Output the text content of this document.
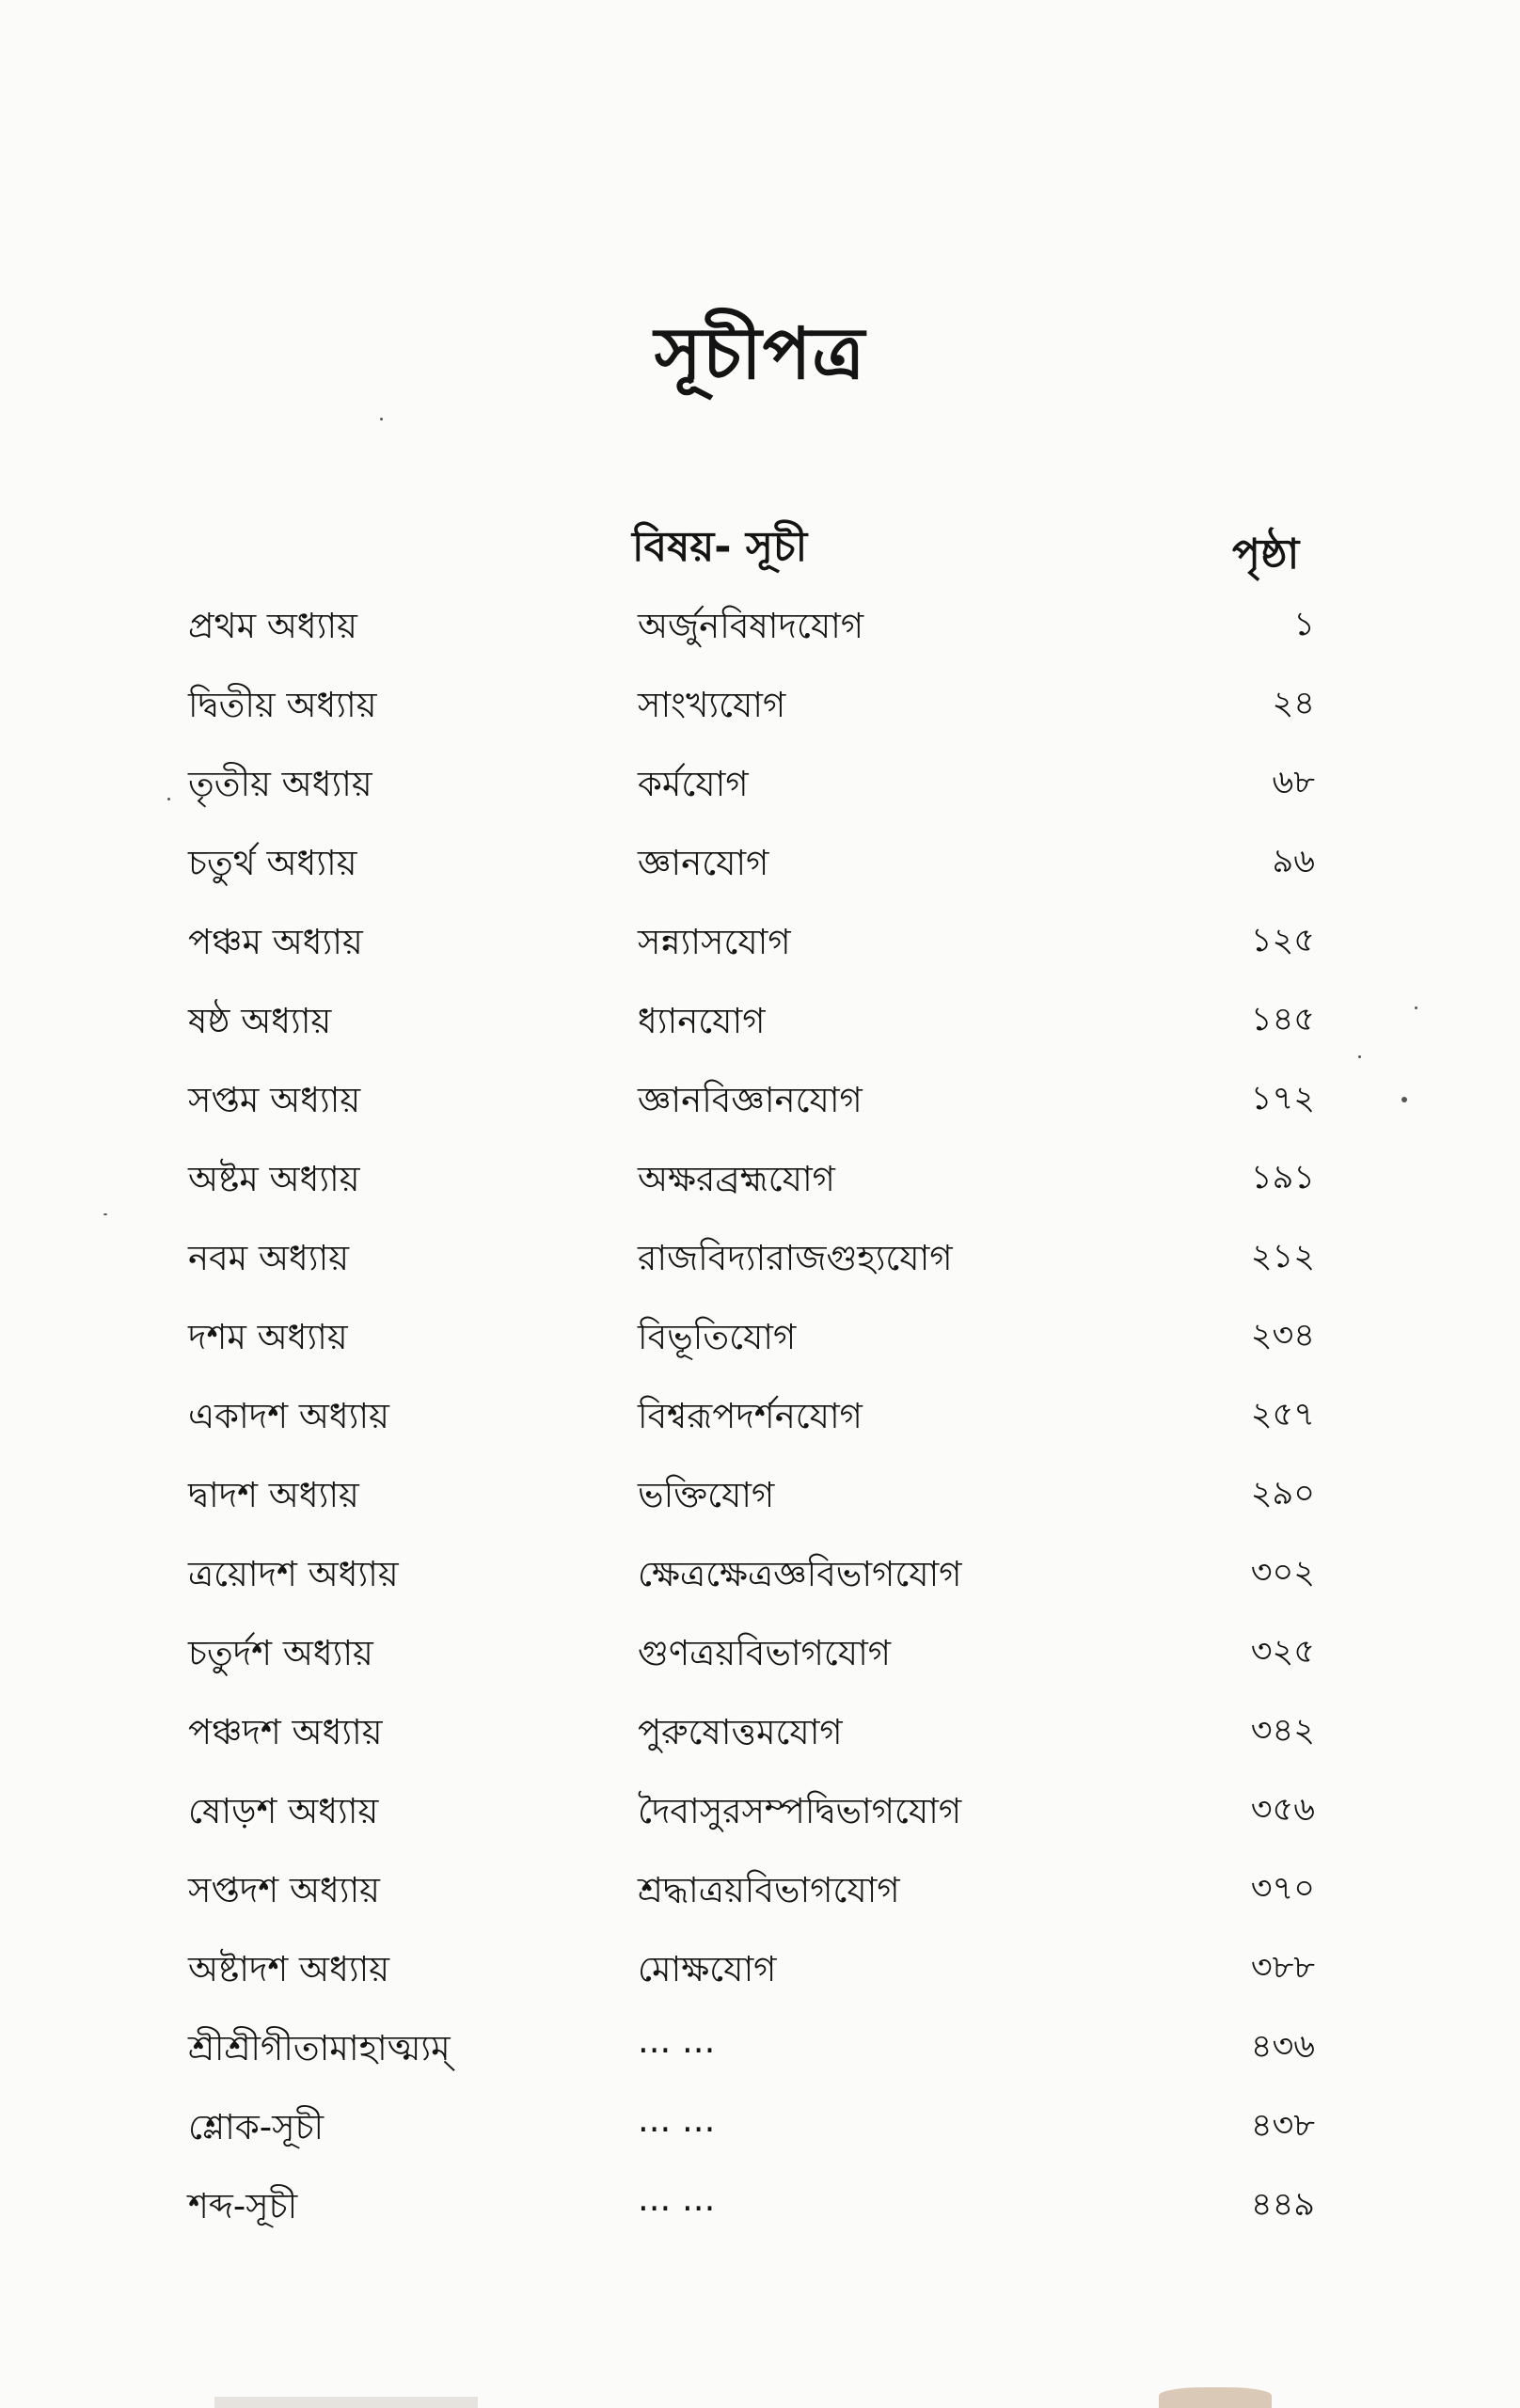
সূচীপত্র
বিষয়- সূচী	পৃষ্ঠা
প্রথম অধ্যায়	অর্জুনবিষাদযোগ	১
দ্বিতীয় অধ্যায়	সাংখ্যযোগ	২৪
তৃতীয় অধ্যায়	কর্মযোগ	৬৮
চতুর্থ অধ্যায়	জ্ঞানযোগ	৯৬
পঞ্চম অধ্যায়	সন্ন্যাসযোগ	১২৫
ষষ্ঠ অধ্যায়	ধ্যানযোগ	১৪৫
সপ্তম অধ্যায়	জ্ঞানবিজ্ঞানযোগ	১৭২
অষ্টম অধ্যায়	অক্ষরব্রহ্মযোগ	১৯১
নবম অধ্যায়	রাজবিদ্যারাজগুহ্যযোগ	২১২
দশম অধ্যায়	বিভূতিযোগ	২৩৪
একাদশ অধ্যায়	বিশ্বরূপদর্শনযোগ	২৫৭
দ্বাদশ অধ্যায়	ভক্তিযোগ	২৯০
ত্রয়োদশ অধ্যায়	ক্ষেত্রক্ষেত্রজ্ঞবিভাগযোগ	৩০২
চতুর্দশ অধ্যায়	গুণত্রয়বিভাগযোগ	৩২৫
পঞ্চদশ অধ্যায়	পুরুষোত্তমযোগ	৩৪২
ষোড়শ অধ্যায়	দৈবাসুরসম্পদ্বিভাগযোগ	৩৫৬
সপ্তদশ অধ্যায়	শ্রদ্ধাত্রয়বিভাগযোগ	৩৭০
অষ্টাদশ অধ্যায়	মোক্ষযোগ	৩৮৮
শ্রীশ্রীগীতামাহাত্ম্যম্	... ...	৪৩৬
শ্লোক-সূচী	... ...	৪৩৮
শব্দ-সূচী	... ...	৪৪৯
